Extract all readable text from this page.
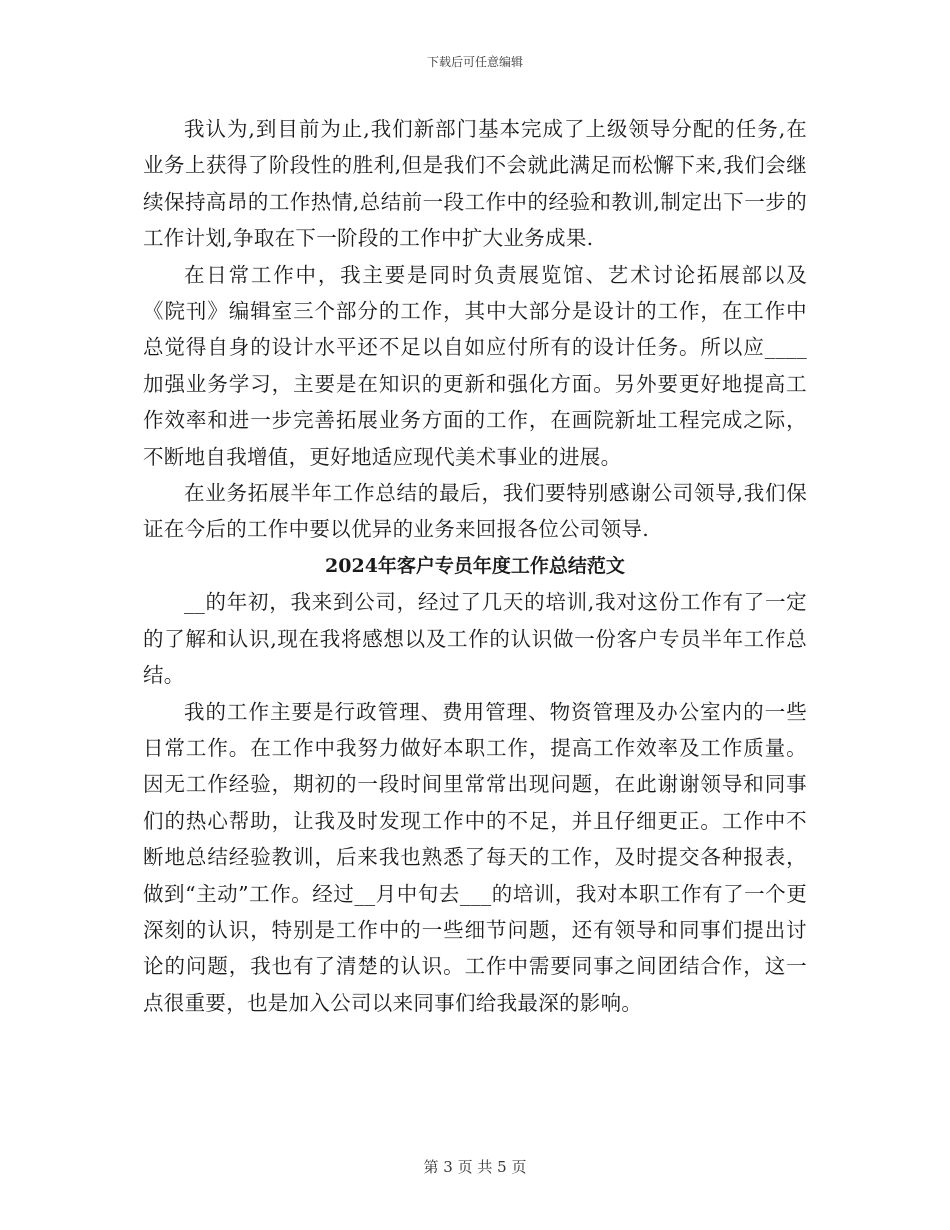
下载后可任意编辑

我认为,到目前为止,我们新部门基本完成了上级领导分配的任务,在业务上获得了阶段性的胜利,但是我们不会就此满足而松懈下来,我们会继续保持高昂的工作热情,总结前一段工作中的经验和教训,制定出下一步的工作计划,争取在下一阶段的工作中扩大业务成果.

在日常工作中，我主要是同时负责展览馆、艺术讨论拓展部以及《院刊》编辑室三个部分的工作，其中大部分是设计的工作，在工作中总觉得自身的设计水平还不足以自如应付所有的设计任务。所以应____加强业务学习，主要是在知识的更新和强化方面。另外要更好地提高工作效率和进一步完善拓展业务方面的工作，在画院新址工程完成之际，不断地自我增值，更好地适应现代美术事业的进展。

在业务拓展半年工作总结的最后，我们要特别感谢公司领导,我们保证在今后的工作中要以优异的业务来回报各位公司领导.

2024年客户专员年度工作总结范文

__的年初，我来到公司，经过了几天的培训,我对这份工作有了一定的了解和认识,现在我将感想以及工作的认识做一份客户专员半年工作总结。

我的工作主要是行政管理、费用管理、物资管理及办公室内的一些日常工作。在工作中我努力做好本职工作，提高工作效率及工作质量。因无工作经验，期初的一段时间里常常出现问题，在此谢谢领导和同事们的热心帮助，让我及时发现工作中的不足，并且仔细更正。工作中不断地总结经验教训，后来我也熟悉了每天的工作，及时提交各种报表，做到“主动”工作。经过__月中旬去___的培训，我对本职工作有了一个更深刻的认识，特别是工作中的一些细节问题，还有领导和同事们提出讨论的问题，我也有了清楚的认识。工作中需要同事之间团结合作，这一点很重要，也是加入公司以来同事们给我最深的影响。

第 3 页 共 5 页
